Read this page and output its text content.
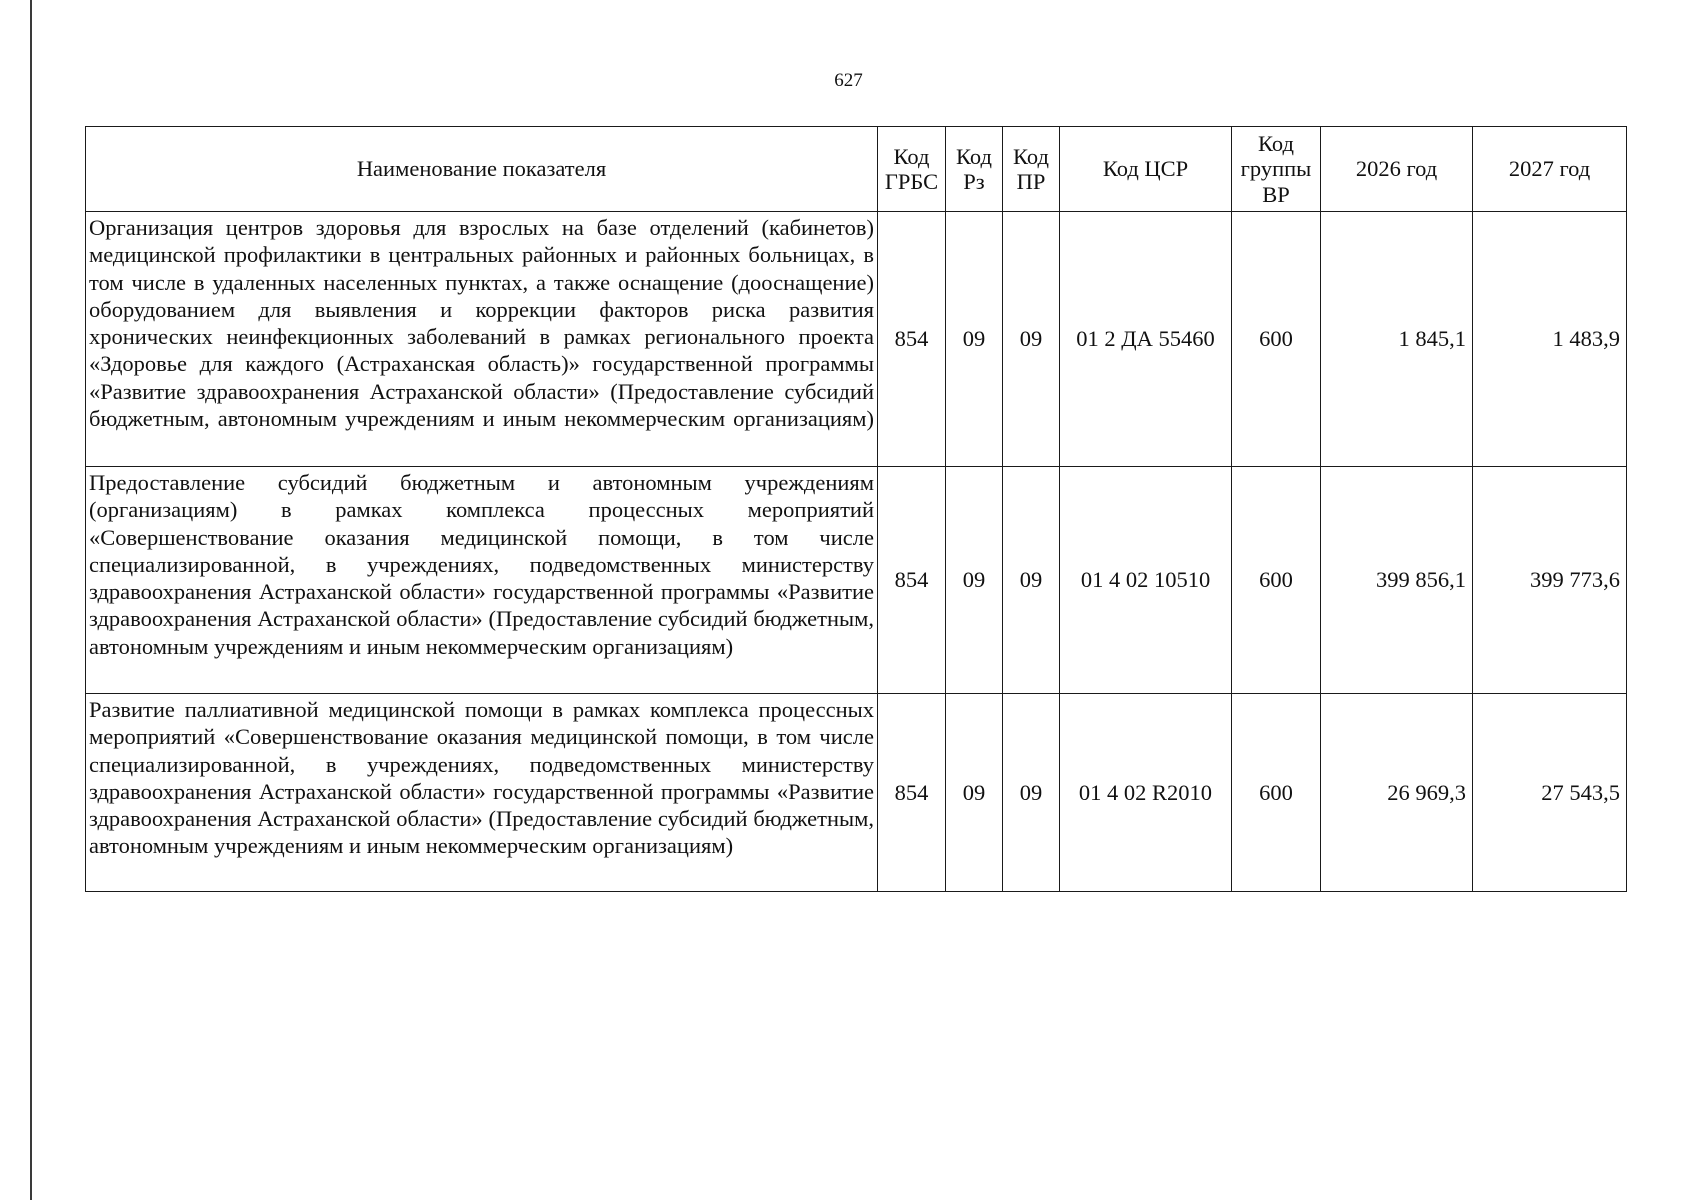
627
Наименование показателя	Код ГРБС	Код Рз	Код ПР	Код ЦСР	Код группы ВР	2026 год	2027 год
Организация центров здоровья для взрослых на базе отделений (кабинетов) медицинской профилактики в центральных районных и районных больницах, в том числе в удаленных населенных пунктах, а также оснащение (дооснащение) оборудованием для выявления и коррекции факторов риска развития хронических неинфекционных заболеваний в рамках регионального проекта «Здоровье для каждого (Астраханская область)» государственной программы «Развитие здравоохранения Астраханской области» (Предоставление субсидий бюджетным, автономным учреждениям и иным некоммерческим организациям)	854	09	09	01 2 ДА 55460	600	1 845,1	1 483,9
Предоставление субсидий бюджетным и автономным учреждениям (организациям) в рамках комплекса процессных мероприятий «Совершенствование оказания медицинской помощи, в том числе специализированной, в учреждениях, подведомственных министерству здравоохранения Астраханской области» государственной программы «Развитие здравоохранения Астраханской области» (Предоставление субсидий бюджетным, автономным учреждениям и иным некоммерческим организациям)	854	09	09	01 4 02 10510	600	399 856,1	399 773,6
Развитие паллиативной медицинской помощи в рамках комплекса процессных мероприятий «Совершенствование оказания медицинской помощи, в том числе специализированной, в учреждениях, подведомственных министерству здравоохранения Астраханской области» государственной программы «Развитие здравоохранения Астраханской области» (Предоставление субсидий бюджетным, автономным учреждениям и иным некоммерческим организациям)	854	09	09	01 4 02 R2010	600	26 969,3	27 543,5
